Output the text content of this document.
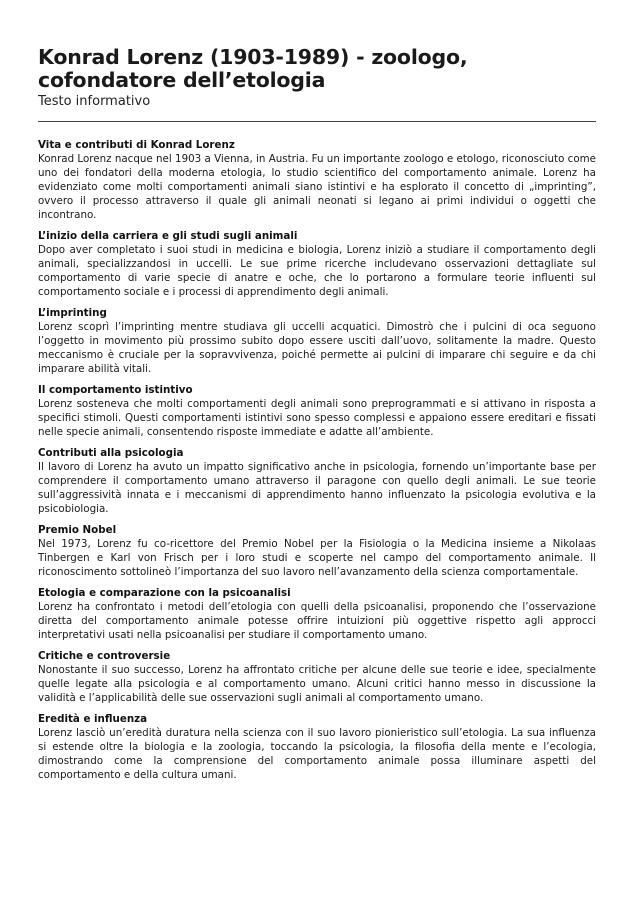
Konrad Lorenz (1903-1989) - zoologo, cofondatore dell’etologia
Testo informativo
Vita e contributi di Konrad Lorenz

Konrad Lorenz nacque nel 1903 a Vienna, in Austria. Fu un importante zoologo e etologo, riconosciuto come uno dei fondatori della moderna etologia, lo studio scientifico del comportamento animale. Lorenz ha evidenziato come molti comportamenti animali siano istintivi e ha esplorato il concetto di „imprinting”, ovvero il processo attraverso il quale gli animali neonati si legano ai primi individui o oggetti che incontrano.

L’inizio della carriera e gli studi sugli animali

Dopo aver completato i suoi studi in medicina e biologia, Lorenz iniziò a studiare il comportamento degli animali, specializzandosi in uccelli. Le sue prime ricerche includevano osservazioni dettagliate sul comportamento di varie specie di anatre e oche, che lo portarono a formulare teorie influenti sul comportamento sociale e i processi di apprendimento degli animali.

L’imprinting

Lorenz scoprì l’imprinting mentre studiava gli uccelli acquatici. Dimostrò che i pulcini di oca seguono l’oggetto in movimento più prossimo subito dopo essere usciti dall’uovo, solitamente la madre. Questo meccanismo è cruciale per la sopravvivenza, poiché permette ai pulcini di imparare chi seguire e da chi imparare abilità vitali.

Il comportamento istintivo

Lorenz sosteneva che molti comportamenti degli animali sono preprogrammati e si attivano in risposta a specifici stimoli. Questi comportamenti istintivi sono spesso complessi e appaiono essere ereditari e fissati nelle specie animali, consentendo risposte immediate e adatte all’ambiente.

Contributi alla psicologia

Il lavoro di Lorenz ha avuto un impatto significativo anche in psicologia, fornendo un’importante base per comprendere il comportamento umano attraverso il paragone con quello degli animali. Le sue teorie sull’aggressività innata e i meccanismi di apprendimento hanno influenzato la psicologia evolutiva e la psicobiologia.

Premio Nobel

Nel 1973, Lorenz fu co-ricettore del Premio Nobel per la Fisiologia o la Medicina insieme a Nikolaas Tinbergen e Karl von Frisch per i loro studi e scoperte nel campo del comportamento animale. Il riconoscimento sottolineò l’importanza del suo lavoro nell’avanzamento della scienza comportamentale.

Etologia e comparazione con la psicoanalisi

Lorenz ha confrontato i metodi dell’etologia con quelli della psicoanalisi, proponendo che l’osservazione diretta del comportamento animale potesse offrire intuizioni più oggettive rispetto agli approcci interpretativi usati nella psicoanalisi per studiare il comportamento umano.

Critiche e controversie

Nonostante il suo successo, Lorenz ha affrontato critiche per alcune delle sue teorie e idee, specialmente quelle legate alla psicologia e al comportamento umano. Alcuni critici hanno messo in discussione la validità e l’applicabilità delle sue osservazioni sugli animali al comportamento umano.

Eredità e influenza

Lorenz lasciò un’eredità duratura nella scienza con il suo lavoro pionieristico sull’etologia. La sua influenza si estende oltre la biologia e la zoologia, toccando la psicologia, la filosofia della mente e l’ecologia, dimostrando come la comprensione del comportamento animale possa illuminare aspetti del comportamento e della cultura umani.
